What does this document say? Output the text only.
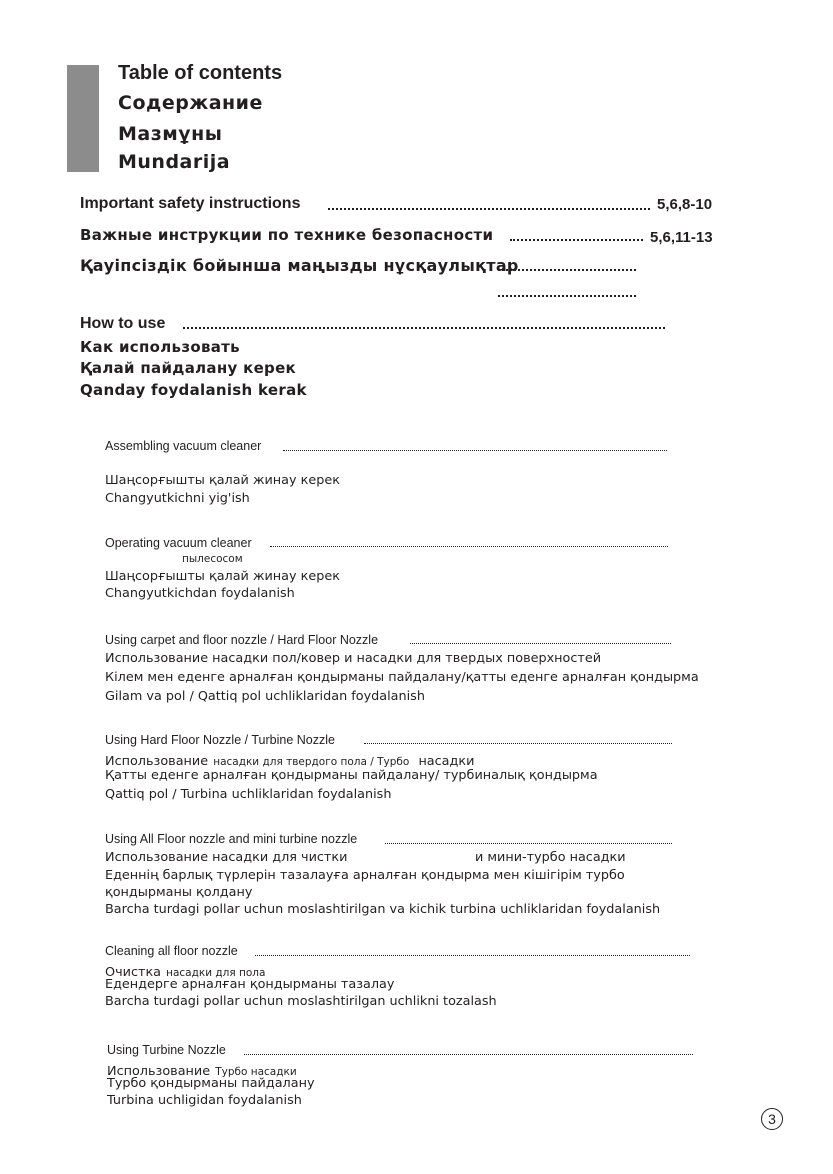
Table of contents
Содержание
Мазмұны
Mundarija
Important safety instructions	5,6,8-10
Важные инструкции по технике безопасности	5,6,11-13
Қауіпсіздік бойынша маңызды нұсқаулықтар
How to use
Как использовать
Қалай пайдалану керек
Qanday foydalanish kerak
Assembling vacuum cleaner
Шаңсорғышты қалай жинау керек
Changyutkichni yig'ish
Operating vacuum cleaner
пылесосом
Шаңсорғышты қалай жинау керек
Changyutkichdan foydalanish
Using carpet and floor nozzle / Hard Floor Nozzle
Использование насадки пол/ковер и насадки для твердых поверхностей
Кілем мен еденге арналған қондырманы пайдалану/қатты еденге арналған қондырма
Gilam va pol / Qattiq pol uchliklaridan foydalanish
Using Hard Floor Nozzle / Turbine Nozzle
Использование насадки для твердого пола / Турбо насадки
Қатты еденге арналған қондырманы пайдалану/ турбиналық қондырма
Qattiq pol / Turbina uchliklaridan foydalanish
Using All Floor nozzle and mini turbine nozzle
Использование насадки для чистки	и мини-турбо насадки
Еденнің барлық түрлерін тазалауға арналған қондырма мен кішігірім турбо
қондырманы қолдану
Barcha turdagi pollar uchun moslashtirilgan va kichik turbina uchliklaridan foydalanish
Cleaning all floor nozzle
Очистка насадки для пола
Едендерге арналған қондырманы тазалау
Barcha turdagi pollar uchun moslashtirilgan uchlikni tozalash
Using Turbine Nozzle
Использование Турбо насадки
Турбо қондырманы пайдалану
Turbina uchligidan foydalanish
3
